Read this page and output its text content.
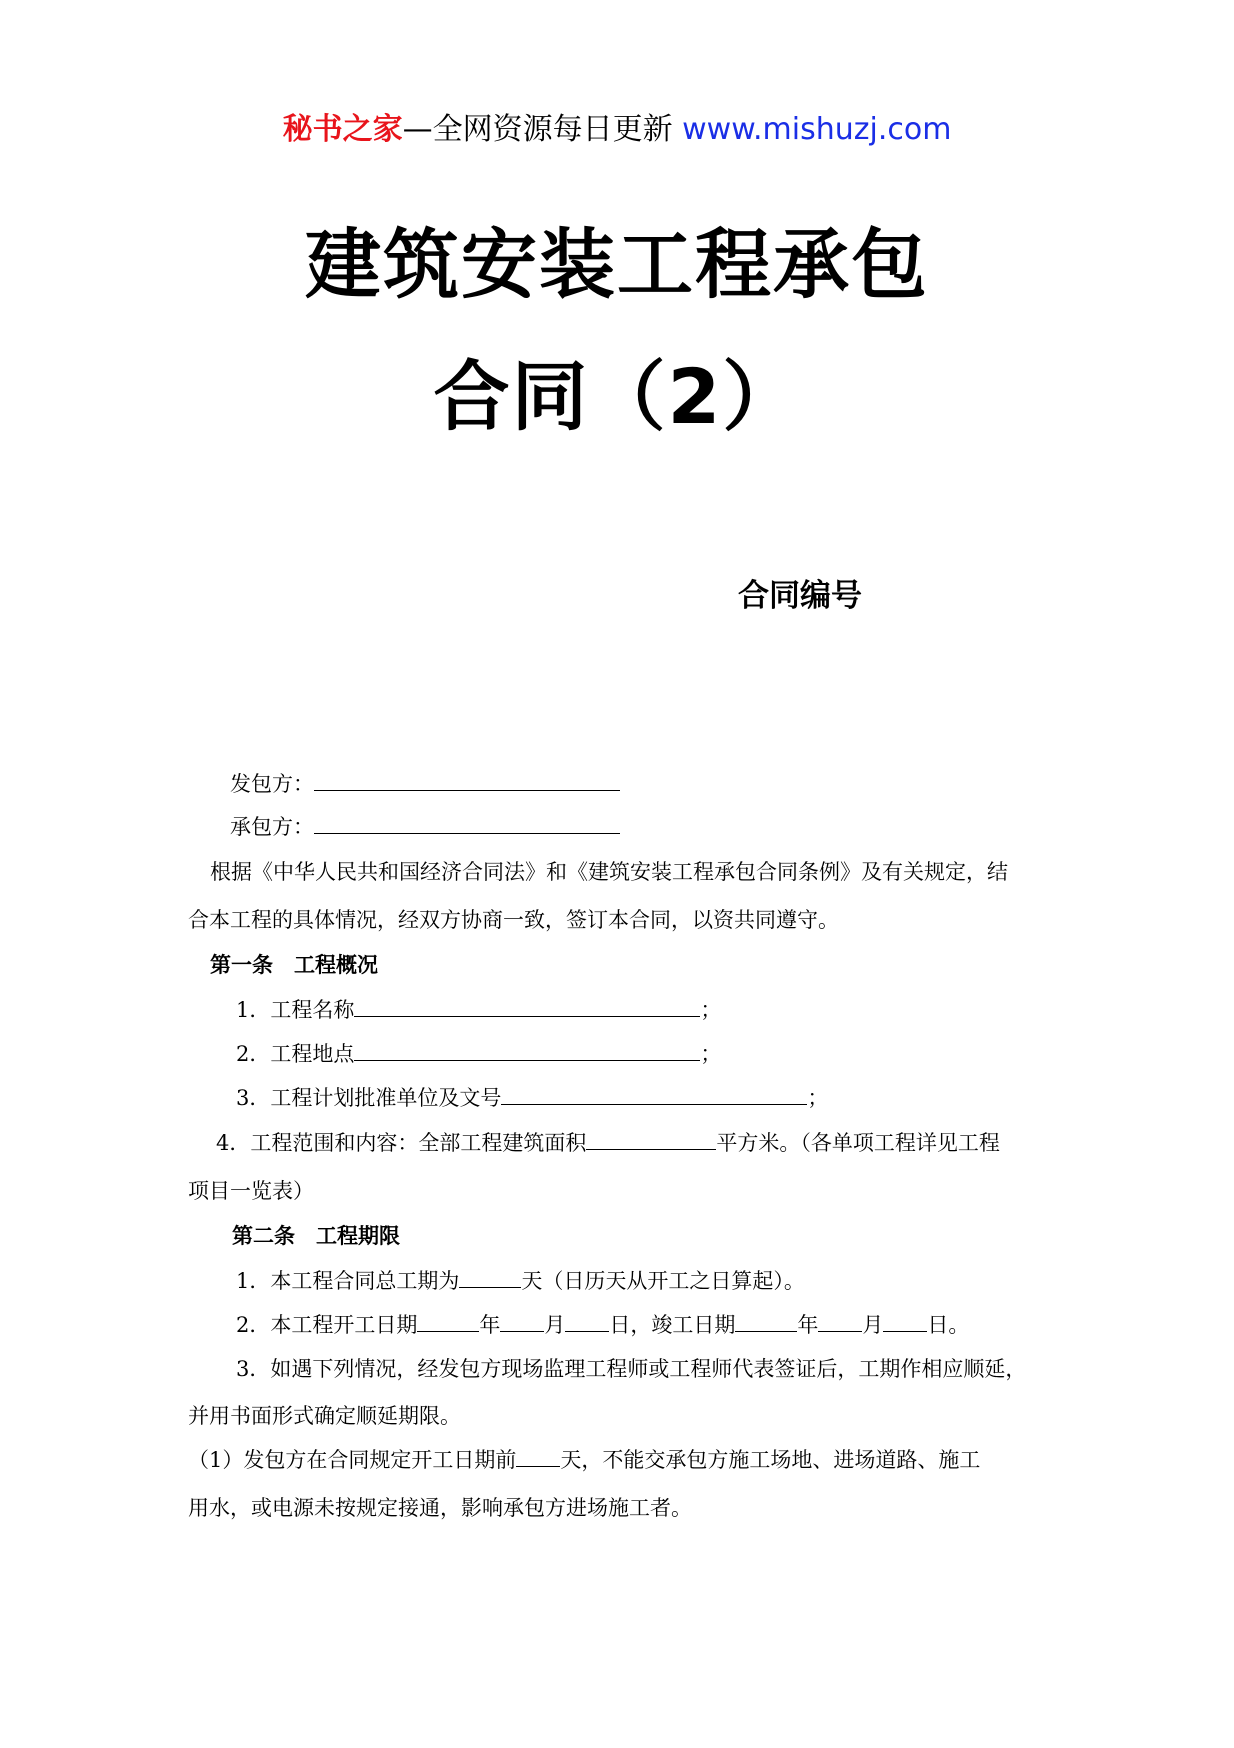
秘书之家—全网资源每日更新 www.mishuzj.com
建筑安装工程承包
合同（2）
合同编号
发包方：
承包方：
根据《中华人民共和国经济合同法》和《建筑安装工程承包合同条例》及有关规定，结
合本工程的具体情况，经双方协商一致，签订本合同，以资共同遵守。
第一条　工程概况
1．工程名称	；
2．工程地点	；
3．工程计划批准单位及文号	；
4．工程范围和内容：全部工程建筑面积	平方米。（各单项工程详见工程
项目一览表）
第二条　工程期限
1．本工程合同总工期为	天（日历天从开工之日算起）。
2．本工程开工日期	年 月 日，竣工日期	年 月 日。
3．如遇下列情况，经发包方现场监理工程师或工程师代表签证后，工期作相应顺延，
并用书面形式确定顺延期限。
（1）发包方在合同规定开工日期前 天，不能交承包方施工场地、进场道路、施工
用水，或电源未按规定接通，影响承包方进场施工者。
